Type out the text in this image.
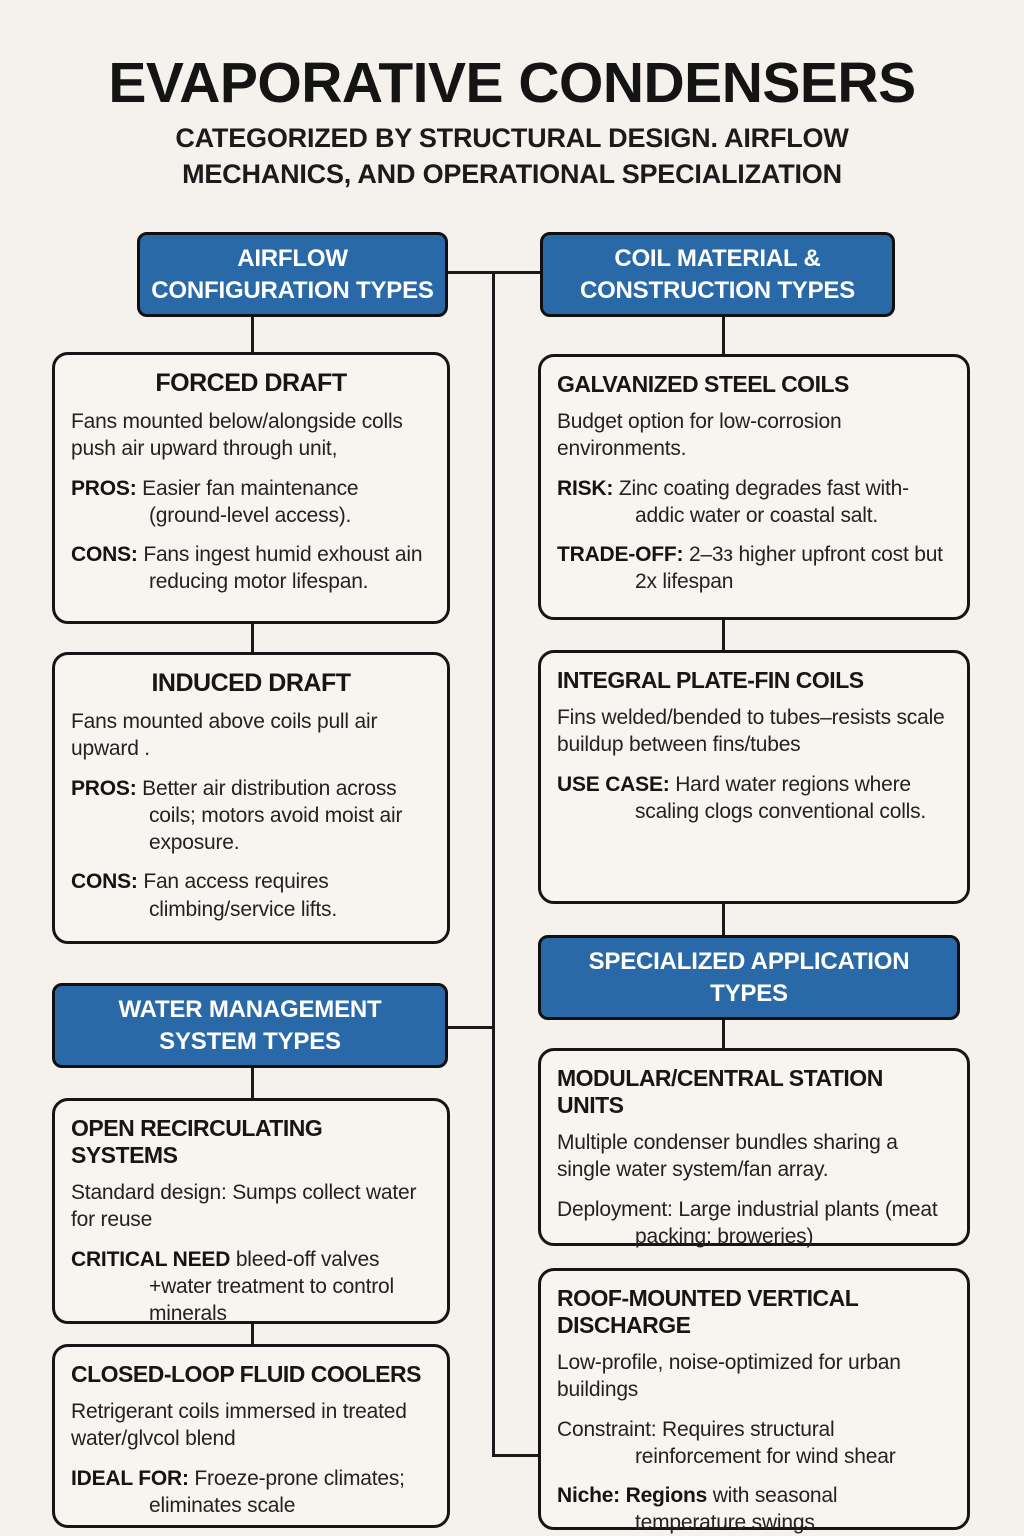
EVAPORATIVE CONDENSERS
CATEGORIZED BY STRUCTURAL DESIGN. AIRFLOW
MECHANICS, AND OPERATIONAL SPECIALIZATION
AIRFLOW
CONFIGURATION TYPES
COIL MATERIAL &
CONSTRUCTION TYPES
WATER MANAGEMENT
SYSTEM TYPES
SPECIALIZED APPLICATION
TYPES
FORCED DRAFT

Fans mounted below/alongside colls push air upward through unit,

PROS: Easier fan maintenance (ground-level access).

CONS: Fans ingest humid exhoust ain reducing motor lifespan.

INDUCED DRAFT

Fans mounted above coils pull air upward .

PROS: Better air distribution across coils; motors avoid moist air exposure.

CONS: Fan access requires climbing/service lifts.

GALVANIZED STEEL COILS

Budget option for low-corrosion environments.

RISK: Zinc coating degrades fast with-addic water or coastal salt.

TRADE-OFF: 2–3з higher upfront cost but 2x lifespan

INTEGRAL PLATE-FIN COILS

Fins welded/bended to tubes–resists scale buildup between fins/tubes

USE CASE: Hard water regions where scaling clogs conventional colls.

OPEN RECIRCULATING SYSTEMS

Standard design: Sumps collect water for reuse

CRITICAL NEED bleed-off valves +water treatment to control minerals

CLOSED-LOOP FLUID COOLERS

Retrigerant coils immersed in treated water/glvcol blend

IDEAL FOR: Froeze-prone climates; eliminates scale

MODULAR/CENTRAL STATION UNITS

Multiple condenser bundles sharing a single water system/fan array.

Deployment: Large industrial plants (meat packing; broweries)

ROOF-MOUNTED VERTICAL DISCHARGE

Low-profile, noise-optimized for urban buildings

Constraint: Requires structural reinforcement for wind shear

Niche: Regions with seasonal temperature swings
